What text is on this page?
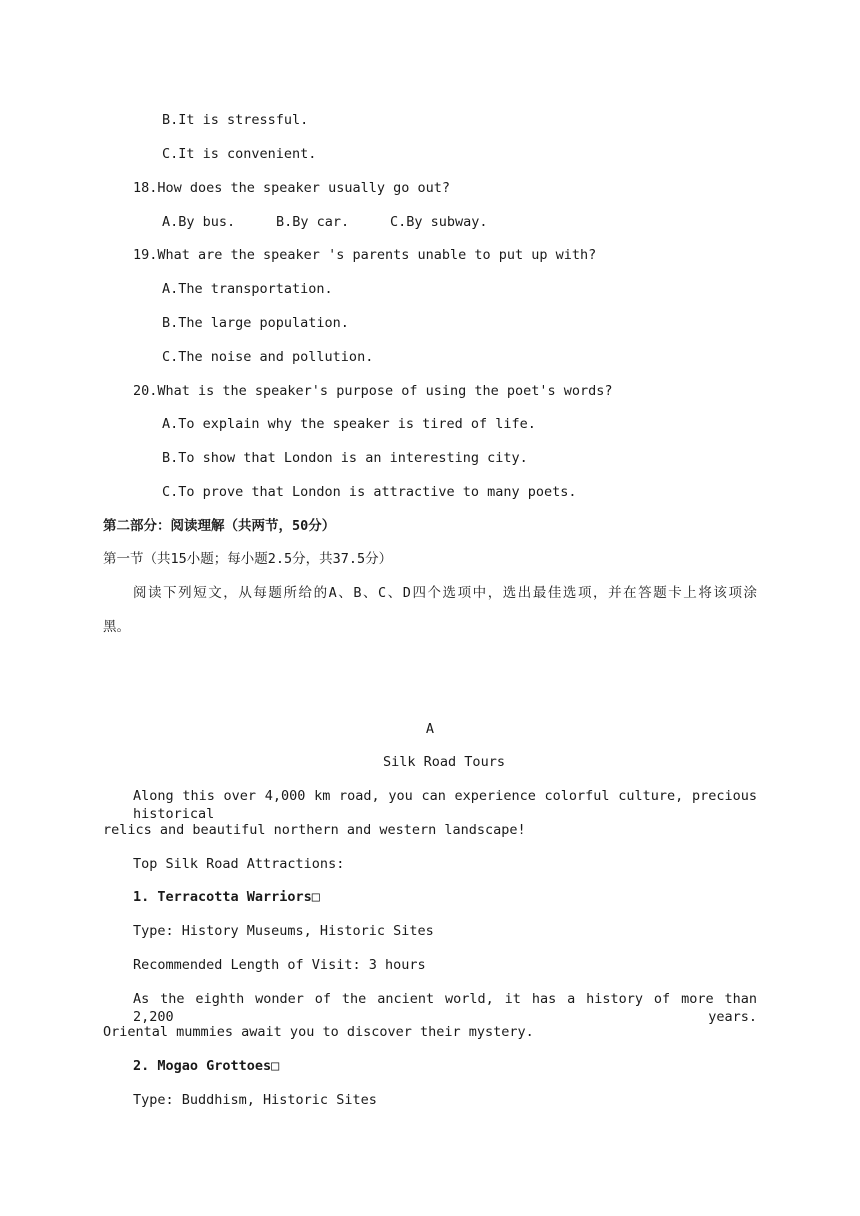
B.It is stressful.
C.It is convenient.
18.How does the speaker usually go out?
A.By bus.	B.By car.	C.By subway.
19.What are the speaker 's parents unable to put up with?
A.The transportation.
B.The large population.
C.The noise and pollution.
20.What is the speaker's purpose of using the poet's words?
A.To explain why the speaker is tired of life.
B.To show that London is an interesting city.
C.To prove that London is attractive to many poets.
第二部分：阅读理解（共两节，50分）
第一节（共15小题；每小题2.5分，共37.5分）
阅读下列短文，从每题所给的A、B、C、D四个选项中，选出最佳选项，并在答题卡上将该项涂
黑。
A
Silk Road Tours
Along this over 4,000 km road, you can experience colorful culture, precious historical
relics and beautiful northern and western landscape!
Top Silk Road Attractions:
1. Terracotta Warriors□
Type: History Museums, Historic Sites
Recommended Length of Visit: 3 hours
As the eighth wonder of the ancient world, it has a history of more than 2,200 years.
Oriental mummies await you to discover their mystery.
2. Mogao Grottoes□
Type: Buddhism, Historic Sites
